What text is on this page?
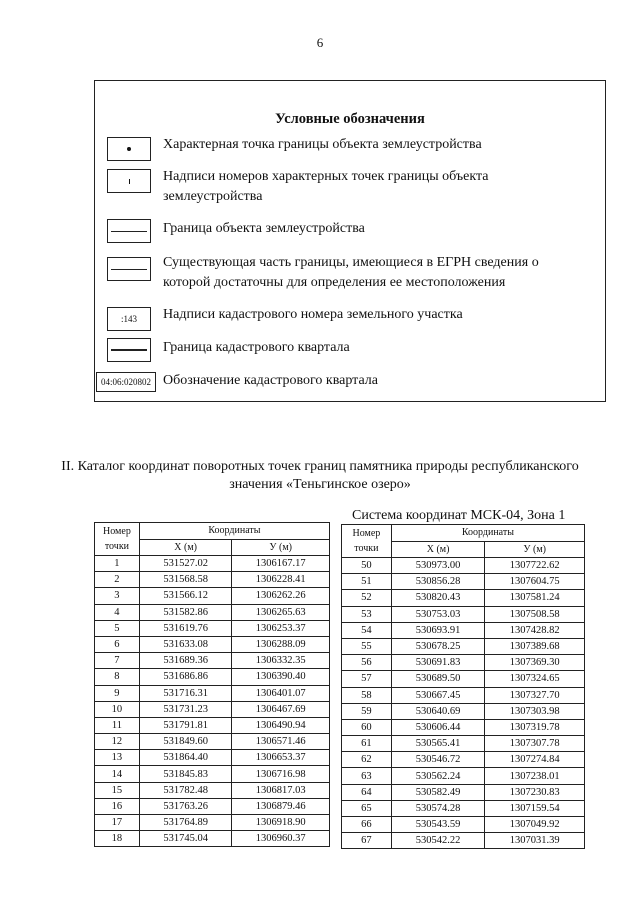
6
Условные обозначения
Характерная точка границы объекта землеустройства
Надписи номеров характерных точек границы объекта землеустройства
Граница объекта землеустройства
Существующая часть границы, имеющиеся в ЕГРН сведения о которой достаточны для определения ее местоположения
:143	Надписи кадастрового номера земельного участка
Граница кадастрового квартала
04:06:020802 Обозначение кадастрового квартала
II. Каталог координат поворотных точек границ памятника природы республиканского значения «Теньгинское озеро»
Система координат МСК-04, Зона 1
Номер точки	Координаты	
	X (м)	У (м)
1	531527.02	1306167.17
2	531568.58	1306228.41
3	531566.12	1306262.26
4	531582.86	1306265.63
5	531619.76	1306253.37
6	531633.08	1306288.09
7	531689.36	1306332.35
8	531686.86	1306390.40
9	531716.31	1306401.07
10	531731.23	1306467.69
11	531791.81	1306490.94
12	531849.60	1306571.46
13	531864.40	1306653.37
14	531845.83	1306716.98
15	531782.48	1306817.03
16	531763.26	1306879.46
17	531764.89	1306918.90
18	531745.04	1306960.37
Номер точки	Координаты	
	X (м)	У (м)
50	530973.00	1307722.62
51	530856.28	1307604.75
52	530820.43	1307581.24
53	530753.03	1307508.58
54	530693.91	1307428.82
55	530678.25	1307389.68
56	530691.83	1307369.30
57	530689.50	1307324.65
58	530667.45	1307327.70
59	530640.69	1307303.98
60	530606.44	1307319.78
61	530565.41	1307307.78
62	530546.72	1307274.84
63	530562.24	1307238.01
64	530582.49	1307230.83
65	530574.28	1307159.54
66	530543.59	1307049.92
67	530542.22	1307031.39
